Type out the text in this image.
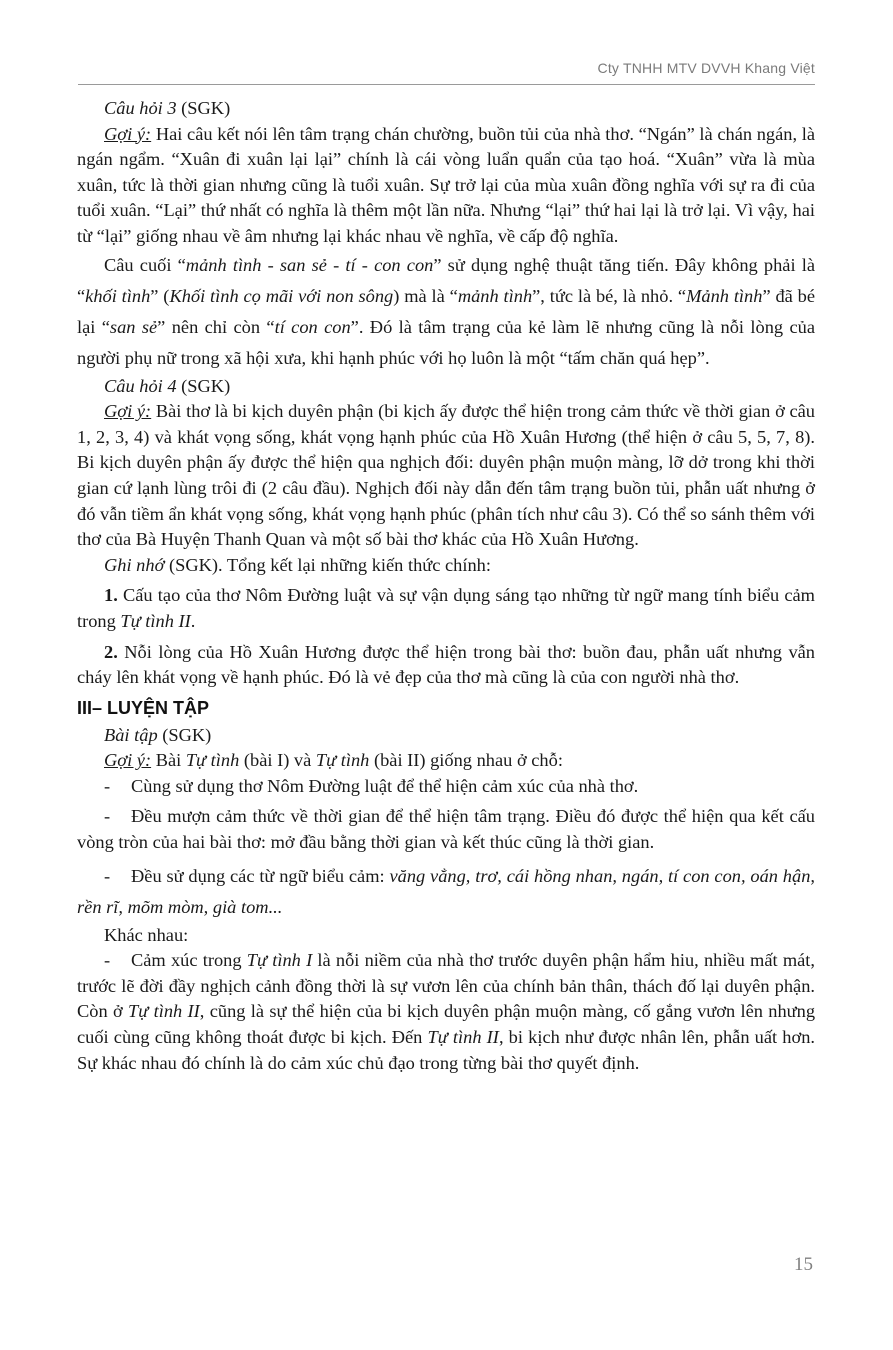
Cty TNHH MTV DVVH Khang Việt

Câu hỏi 3 (SGK)

Gợi ý: Hai câu kết nói lên tâm trạng chán chường, buồn tủi của nhà thơ. “Ngán” là chán ngán, là ngán ngẩm. “Xuân đi xuân lại lại” chính là cái vòng luẩn quẩn của tạo hoá. “Xuân” vừa là mùa xuân, tức là thời gian nhưng cũng là tuổi xuân. Sự trở lại của mùa xuân đồng nghĩa với sự ra đi của tuổi xuân. “Lại” thứ nhất có nghĩa là thêm một lần nữa. Nhưng “lại” thứ hai lại là trở lại. Vì vậy, hai từ “lại” giống nhau về âm nhưng lại khác nhau về nghĩa, về cấp độ nghĩa.

Câu cuối “mảnh tình - san sẻ - tí - con con” sử dụng nghệ thuật tăng tiến. Đây không phải là “khối tình” (Khối tình cọ mãi với non sông) mà là “mảnh tình”, tức là bé, là nhỏ. “Mảnh tình” đã bé lại “san sẻ” nên chỉ còn “tí con con”. Đó là tâm trạng của kẻ làm lẽ nhưng cũng là nỗi lòng của người phụ nữ trong xã hội xưa, khi hạnh phúc với họ luôn là một “tấm chăn quá hẹp”.

Câu hỏi 4 (SGK)

Gợi ý: Bài thơ là bi kịch duyên phận (bi kịch ấy được thể hiện trong cảm thức về thời gian ở câu 1, 2, 3, 4) và khát vọng sống, khát vọng hạnh phúc của Hồ Xuân Hương (thể hiện ở câu 5, 5, 7, 8). Bi kịch duyên phận ấy được thể hiện qua nghịch đối: duyên phận muộn màng, lỡ dở trong khi thời gian cứ lạnh lùng trôi đi (2 câu đầu). Nghịch đối này dẫn đến tâm trạng buồn tủi, phẫn uất nhưng ở đó vẫn tiềm ẩn khát vọng sống, khát vọng hạnh phúc (phân tích như câu 3). Có thể so sánh thêm với thơ của Bà Huyện Thanh Quan và một số bài thơ khác của Hồ Xuân Hương.

Ghi nhớ (SGK). Tổng kết lại những kiến thức chính:

1. Cấu tạo của thơ Nôm Đường luật và sự vận dụng sáng tạo những từ ngữ mang tính biểu cảm trong Tự tình II.

2. Nỗi lòng của Hồ Xuân Hương được thể hiện trong bài thơ: buồn đau, phẫn uất nhưng vẫn cháy lên khát vọng về hạnh phúc. Đó là vẻ đẹp của thơ mà cũng là của con người nhà thơ.

III– LUYỆN TẬP

Bài tập (SGK)

Gợi ý: Bài Tự tình (bài I) và Tự tình (bài II) giống nhau ở chỗ:

- Cùng sử dụng thơ Nôm Đường luật để thể hiện cảm xúc của nhà thơ.

- Đều mượn cảm thức về thời gian để thể hiện tâm trạng. Điều đó được thể hiện qua kết cấu vòng tròn của hai bài thơ: mở đầu bằng thời gian và kết thúc cũng là thời gian.

- Đều sử dụng các từ ngữ biểu cảm: văng vẳng, trơ, cái hồng nhan, ngán, tí con con, oán hận, rền rĩ, mõm mòm, già tom...

Khác nhau:

- Cảm xúc trong Tự tình I là nỗi niềm của nhà thơ trước duyên phận hẩm hiu, nhiều mất mát, trước lẽ đời đầy nghịch cảnh đồng thời là sự vươn lên của chính bản thân, thách đố lại duyên phận. Còn ở Tự tình II, cũng là sự thể hiện của bi kịch duyên phận muộn màng, cố gắng vươn lên nhưng cuối cùng cũng không thoát được bi kịch. Đến Tự tình II, bi kịch như được nhân lên, phẫn uất hơn. Sự khác nhau đó chính là do cảm xúc chủ đạo trong từng bài thơ quyết định.

15
